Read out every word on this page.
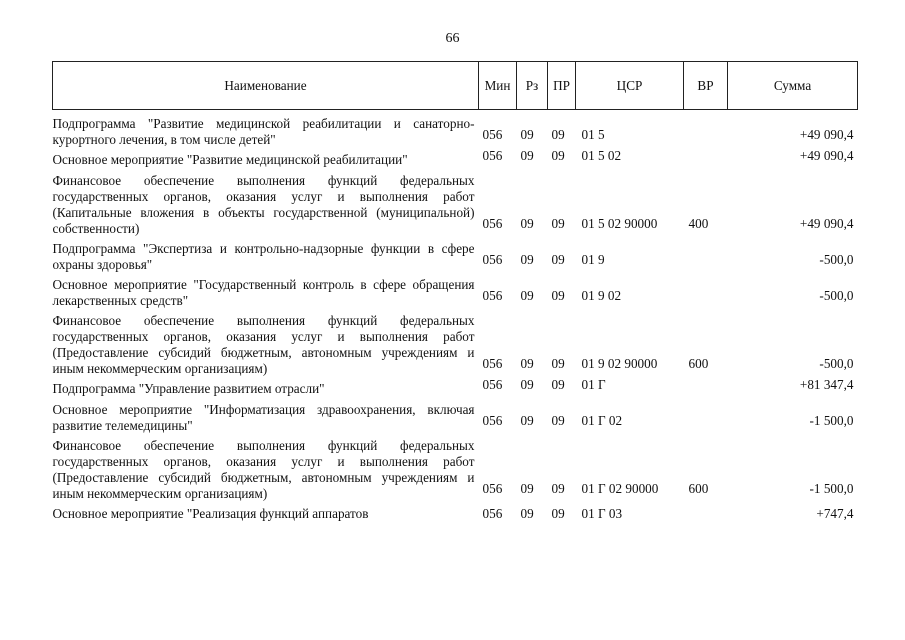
66
Наименование	Мин	Рз	ПР	ЦСР	ВР	Сумма
Подпрограмма "Развитие медицинской реабилитации и санаторно-курортного лечения, в том числе детей"	056	09	09	01 5		+49 090,4
Основное мероприятие "Развитие медицинской реабилитации"	056	09	09	01 5 02		+49 090,4
Финансовое обеспечение выполнения функций федеральных государственных органов, оказания услуг и выполнения работ (Капитальные вложения в объекты государственной (муниципальной) собственности)	056	09	09	01 5 02 90000	400	+49 090,4
Подпрограмма "Экспертиза и контрольно-надзорные функции в сфере охраны здоровья"	056	09	09	01 9		-500,0
Основное мероприятие "Государственный контроль в сфере обращения лекарственных средств"	056	09	09	01 9 02		-500,0
Финансовое обеспечение выполнения функций федеральных государственных органов, оказания услуг и выполнения работ (Предоставление субсидий бюджетным, автономным учреждениям и иным некоммерческим организациям)	056	09	09	01 9 02 90000	600	-500,0
Подпрограмма "Управление развитием отрасли"	056	09	09	01 Г		+81 347,4
Основное мероприятие "Информатизация здравоохранения, включая развитие телемедицины"	056	09	09	01 Г 02		-1 500,0
Финансовое обеспечение выполнения функций федеральных государственных органов, оказания услуг и выполнения работ (Предоставление субсидий бюджетным, автономным учреждениям и иным некоммерческим организациям)	056	09	09	01 Г 02 90000	600	-1 500,0
Основное мероприятие "Реализация функций аппаратов	056	09	09	01 Г 03		+747,4
